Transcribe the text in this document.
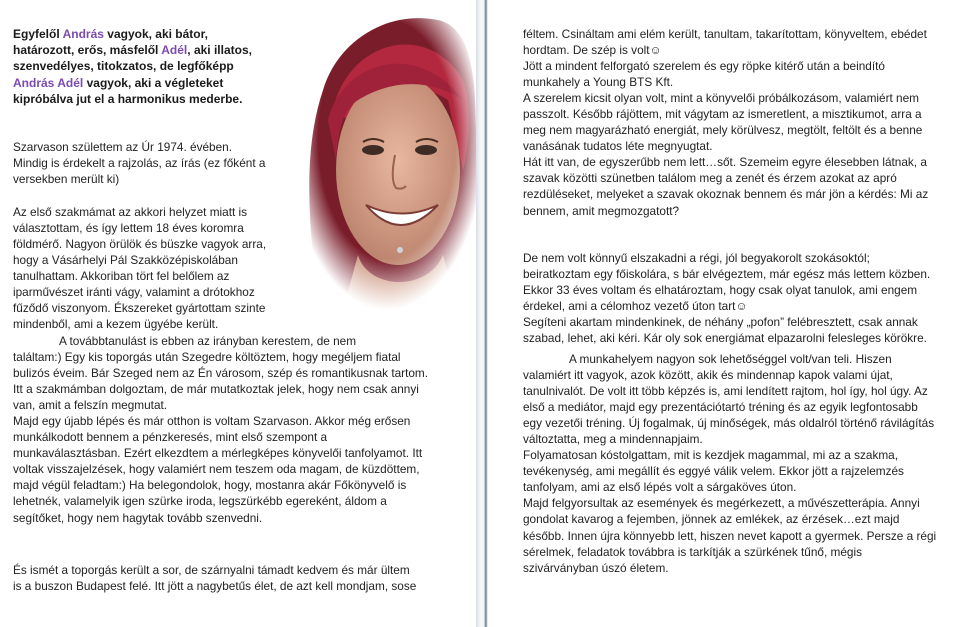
Egyfelől András vagyok, aki bátor,
határozott, erős, másfelől Adél, aki illatos,
szenvedélyes, titokzatos, de legfőképp
András Adél vagyok, aki a végleteket
kipróbálva jut el a harmonikus mederbe.

Szarvason születtem az Úr 1974. évében.

Mindig is érdekelt a rajzolás, az írás (ez főként a

versekben merült ki)

Az első szakmámat az akkori helyzet miatt is

választottam, és így lettem 18 éves koromra

földmérő. Nagyon örülök és büszke vagyok arra,

hogy a Vásárhelyi Pál Szakközépiskolában

tanulhattam. Akkoriban tört fel belőlem az

iparművészet iránti vágy, valamint a drótokhoz

fűződő viszonyom. Ékszereket gyártottam szinte

mindenből, ami a kezem ügyébe került.

A továbbtanulást is ebben az irányban kerestem, de nem

találtam:) Egy kis toporgás után Szegedre költöztem, hogy megéljem fiatal

bulizós éveim. Bár Szeged nem az Én városom, szép és romantikusnak tartom.

Itt a szakmámban dolgoztam, de már mutatkoztak jelek, hogy nem csak annyi

van, amit a felszín megmutat.

Majd egy újabb lépés és már otthon is voltam Szarvason. Akkor még erősen

munkálkodott bennem a pénzkeresés, mint első szempont a

munkaválasztásban. Ezért elkezdtem a mérlegképes könyvelői tanfolyamot. Itt

voltak visszajelzések, hogy valamiért nem teszem oda magam, de küzdöttem,

majd végül feladtam:) Ha belegondolok, hogy, mostanra akár Főkönyvelő is

lehetnék, valamelyik igen szürke iroda, legszürkébb egereként, áldom a

segítőket, hogy nem hagytak tovább szenvedni.

És ismét a toporgás került a sor, de szárnyalni támadt kedvem és már ültem

is a buszon Budapest felé. Itt jött a nagybetűs élet, de azt kell mondjam, sose

féltem. Csináltam ami elém került, tanultam, takarítottam, könyveltem, ebédet

hordtam. De szép is volt☺

Jött a mindent felforgató szerelem és egy röpke kitérő után a beindító

munkahely a Young BTS Kft.

A szerelem kicsit olyan volt, mint a könyvelői próbálkozásom, valamiért nem

passzolt. Később rájöttem, mit vágytam az ismeretlent, a misztikumot, arra a

meg nem magyarázható energiát, mely körülvesz, megtölt, feltölt és a benne

vanásának tudatos léte megnyugtat.

Hát itt van, de egyszerűbb nem lett…sőt. Szemeim egyre élesebben látnak, a

szavak közötti szünetben találom meg a zenét és érzem azokat az apró

rezdüléseket, melyeket a szavak okoznak bennem és már jön a kérdés: Mi az

bennem, amit megmozgatott?

De nem volt könnyű elszakadni a régi, jól begyakorolt szokásoktól;

beiratkoztam egy főiskolára, s bár elvégeztem, már egész más lettem közben.

Ekkor 33 éves voltam és elhatároztam, hogy csak olyat tanulok, ami engem

érdekel, ami a célomhoz vezető úton tart☺

Segíteni akartam mindenkinek, de néhány „pofon” felébresztett, csak annak

szabad, lehet, aki kéri. Kár oly sok energiámat elpazarolni felesleges körökre.

A munkahelyem nagyon sok lehetőséggel volt/van teli. Hiszen

valamiért itt vagyok, azok között, akik és mindennap kapok valami újat,

tanulnivalót. De volt itt több képzés is, ami lendített rajtom, hol így, hol úgy. Az

első a mediátor, majd egy prezentációtartó tréning és az egyik legfontosabb

egy vezetői tréning. Új fogalmak, új minőségek, más oldalról történő rávilágítás

változtatta, meg a mindennapjaim.

Folyamatosan kóstolgattam, mit is kezdjek magammal, mi az a szakma,

tevékenység, ami megállít és eggyé válik velem. Ekkor jött a rajzelemzés

tanfolyam, ami az első lépés volt a sárgaköves úton.

Majd felgyorsultak az események és megérkezett, a művészetterápia. Annyi

gondolat kavarog a fejemben, jönnek az emlékek, az érzések…ezt majd

később. Innen újra könnyebb lett, hiszen nevet kapott a gyermek. Persze a régi

sérelmek, feladatok továbbra is tarkítják a szürkének tűnő, mégis

szivárványban úszó életem.
